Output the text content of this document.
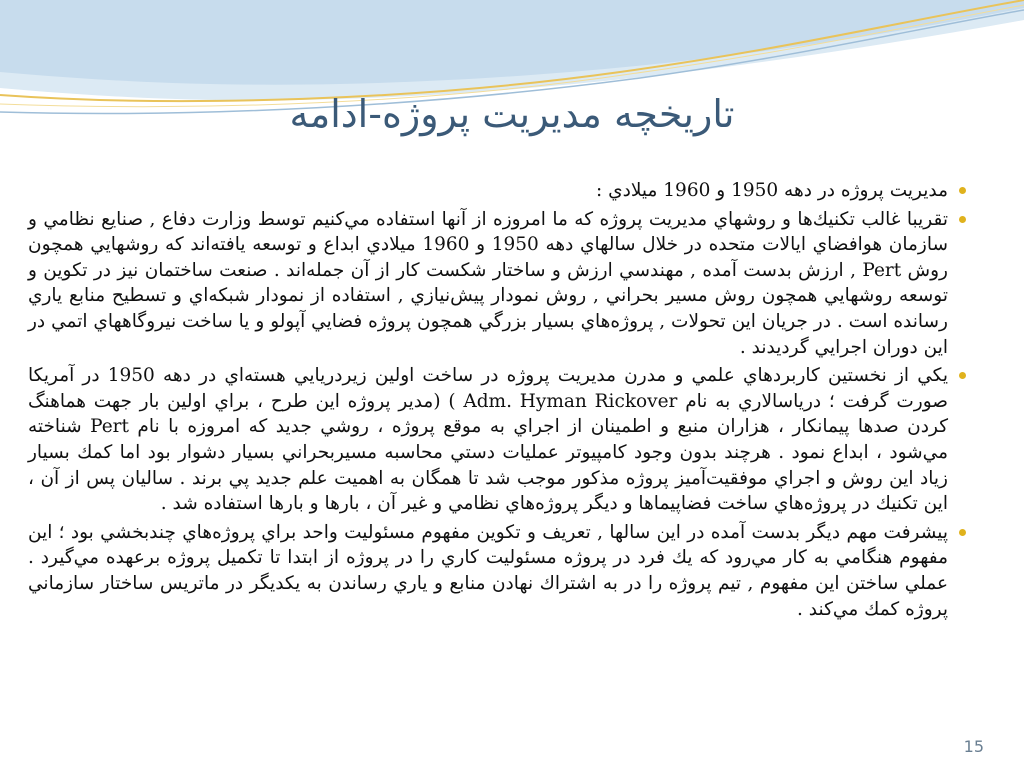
تاريخچه مديريت پروژه-ادامه
مديريت پروژه در دهه 1950 و 1960 ميلادي :
تقريبا غالب تكنيك‌ها و روشهاي مديريت پروژه كه ما امروزه از آنها استفاده مي‌كنيم توسط وزارت دفاع , صنايع نظامي و سازمان هوافضاي ايالات متحده در خلال سالهاي دهه 1950 و 1960 ميلادي ابداع و توسعه يافته‌اند كه روشهايي همچون روش Pert , ارزش بدست آمده , مهندسي ارزش و ساختار شكست كار از آن جمله‌اند . صنعت ساختمان نيز در تكوين و توسعه روشهايي همچون روش مسير بحراني , روش نمودار پيش‌نيازي , استفاده از نمودار شبكه‌اي و تسطيح منابع ياري رسانده است . در جريان اين تحولات , پروژه‌هاي بسيار بزرگي همچون پروژه فضايي آپولو و يا ساخت نيروگاههاي اتمي در اين دوران اجرايي گرديدند .
يكي از نخستين كاربردهاي علمي و مدرن مديريت پروژه در ساخت اولين زيردريايي هسته‌اي در دهه 1950 در آمريكا صورت گرفت ؛ درياسالاري به نام Adm. Hyman Rickover ) (مدير پروژه اين طرح ، براي اولين بار جهت هماهنگ كردن صدها پيمانكار ، هزاران منبع و اطمينان از اجراي به موقع پروژه ، روشي جديد كه امروزه با نام Pert شناخته مي‌شود ، ابداع نمود . هرچند بدون وجود كامپيوتر عمليات دستي محاسبه مسيربحراني بسيار دشوار بود اما كمك بسيار زياد اين روش و اجراي موفقيت‌آميز پروژه مذكور موجب شد تا همگان به اهميت علم جديد پي برند . ساليان پس از آن ، اين تكنيك در پروژه‌هاي ساخت فضاپيماها و ديگر پروژه‌هاي نظامي و غير آن ، بارها و بارها استفاده شد .
پيشرفت مهم ديگر بدست آمده در اين سالها , تعريف و تكوين مفهوم مسئوليت واحد براي پروژه‌هاي چندبخشي بود ؛ اين مفهوم هنگامي به كار مي‌رود كه يك فرد در پروژه مسئوليت كاري را در پروژه از ابتدا تا تكميل پروژه برعهده مي‌گيرد . عملي ساختن اين مفهوم , تيم پروژه را در به اشتراك نهادن منابع و ياري رساندن به يكديگر در ماتريس ساختار سازماني پروژه كمك مي‌كند .
15
